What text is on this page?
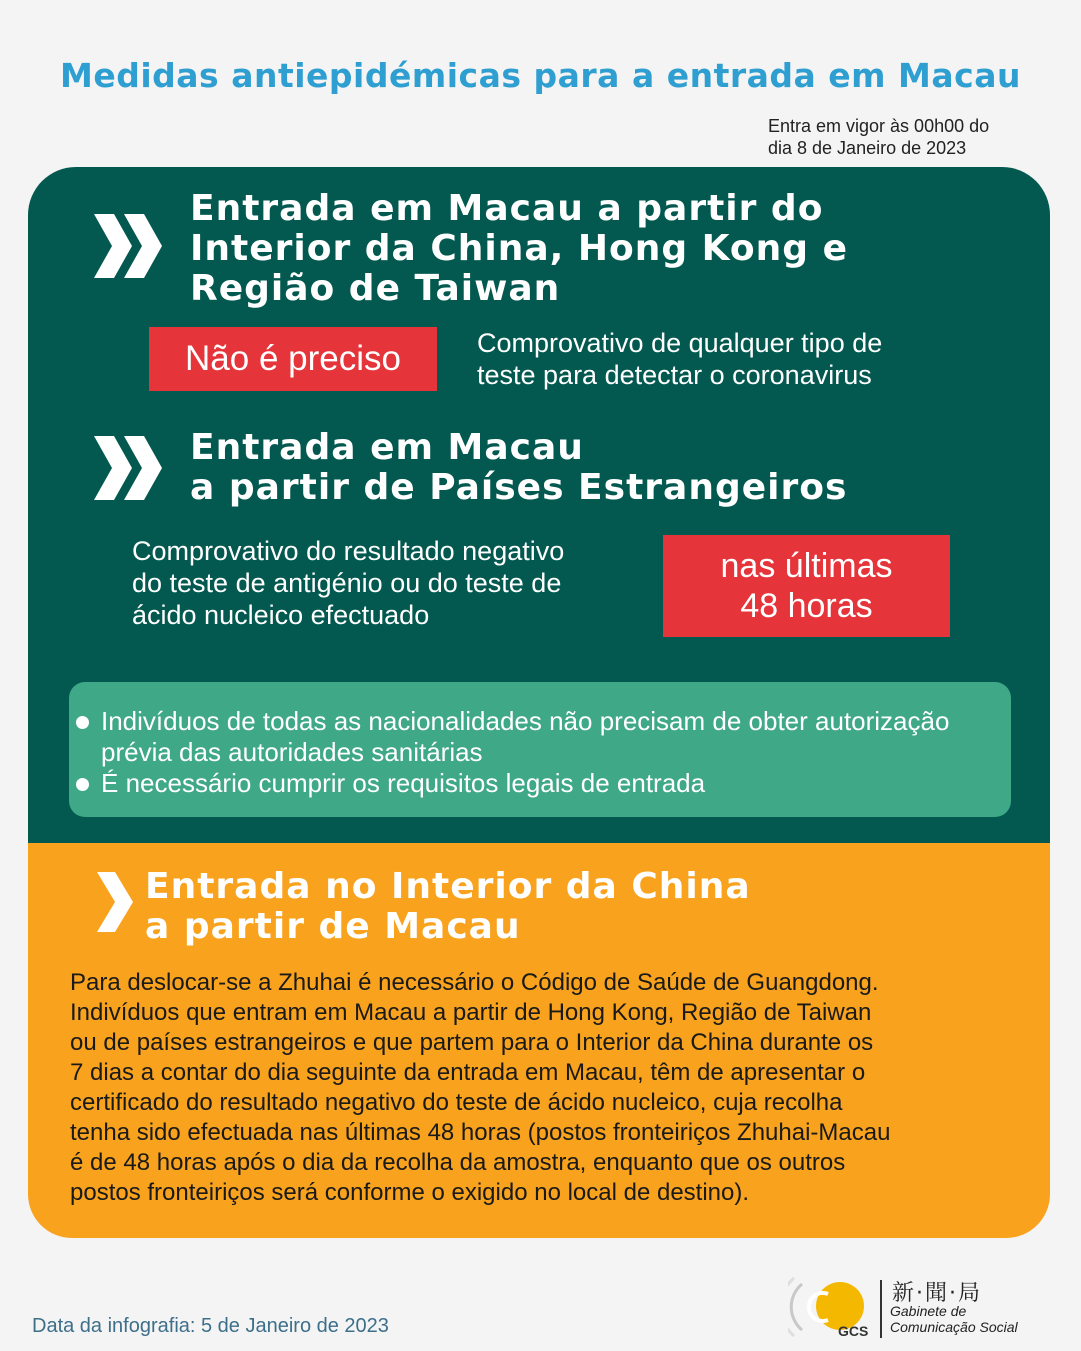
Medidas antiepidémicas para a entrada em Macau
Entra em vigor às 00h00 do
dia 8 de Janeiro de 2023
Entrada em Macau a partir do
Interior da China, Hong Kong e
Região de Taiwan
Não é preciso	Comprovativo de qualquer tipo de
teste para detectar o coronavirus
Entrada em Macau
a partir de Países Estrangeiros
Comprovativo do resultado negativo
do teste de antigénio ou do teste de
ácido nucleico efectuado
nas últimas
48 horas
Indivíduos de todas as nacionalidades não precisam de obter autorização prévia das autoridades sanitárias
É necessário cumprir os requisitos legais de entrada
Entrada no Interior da China
a partir de Macau
Para deslocar-se a Zhuhai é necessário o Código de Saúde de Guangdong.
Indivíduos que entram em Macau a partir de Hong Kong, Região de Taiwan
ou de países estrangeiros e que partem para o Interior da China durante os
7 dias a contar do dia seguinte da entrada em Macau, têm de apresentar o
certificado do resultado negativo do teste de ácido nucleico, cuja recolha
tenha sido efectuada nas últimas 48 horas (postos fronteiriços Zhuhai-Macau
é de 48 horas após o dia da recolha da amostra, enquanto que os outros
postos fronteiriços será conforme o exigido no local de destino).
Data da infografia: 5 de Janeiro de 2023	GCS
新·聞·局
Gabinete de
Comunicação Social
